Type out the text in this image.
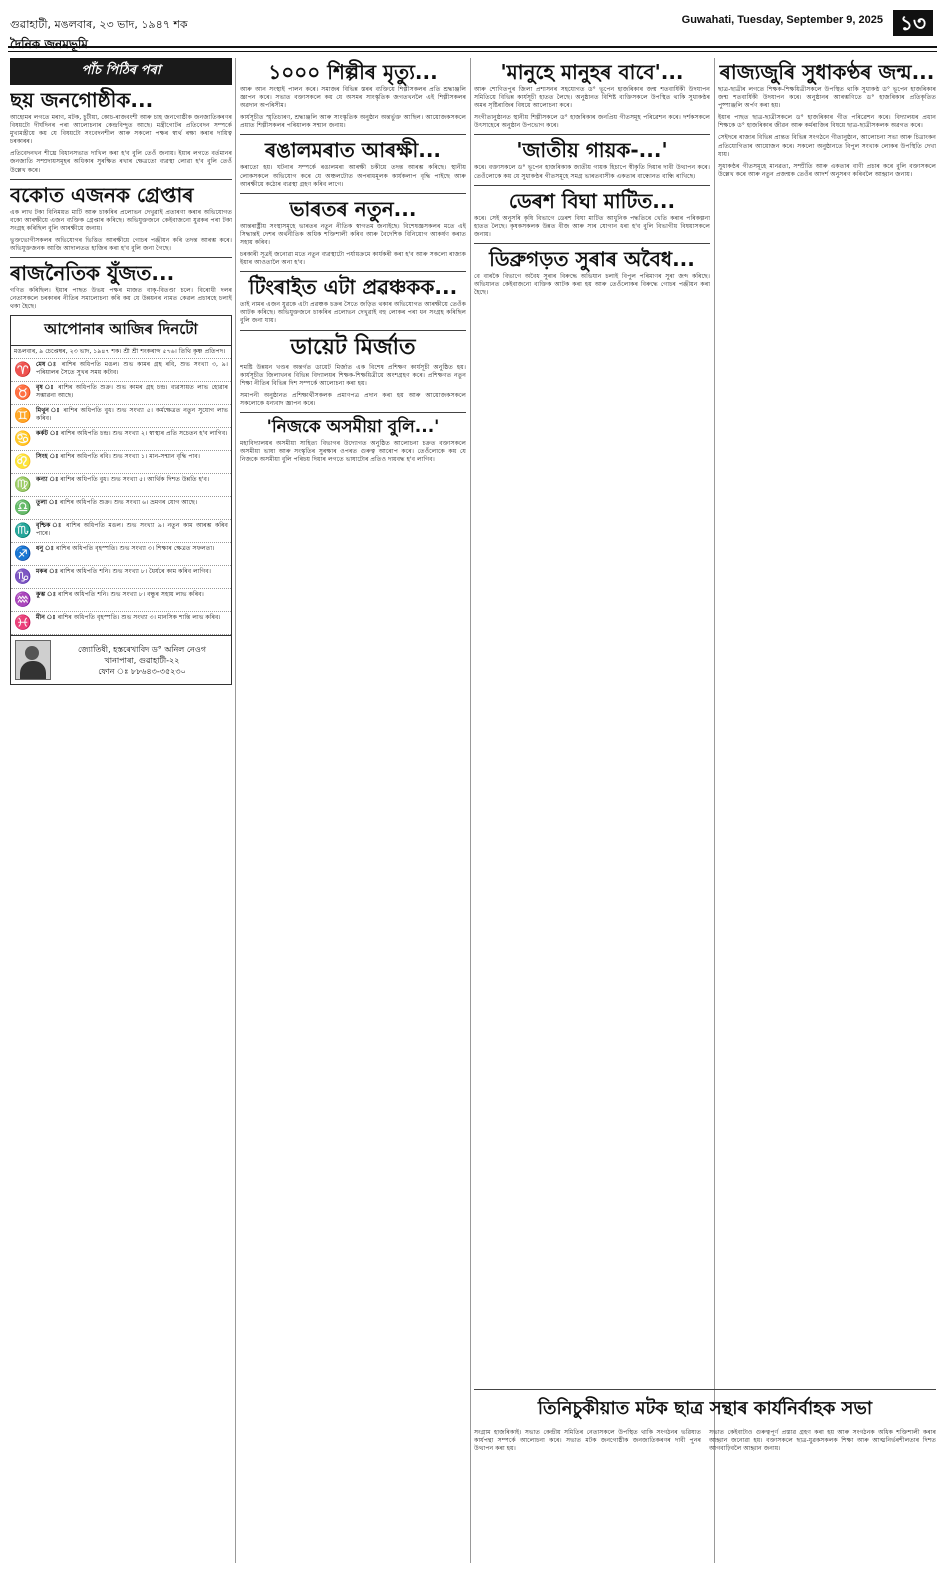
গুৱাহাটী, মঙলবাৰ, ২৩ ভাদ, ১৯৪৭ শক
দৈনিক জনমভূমি
Guwahati, Tuesday, September 9, 2025 ১৩
পাঁচ পিঠিৰ পৰা
ছয় জনগোষ্ঠীক...

আহোমৰ লগতে মৰাণ, মটক, চুটীয়া, কোচ-ৰাজবংশী আৰু চাহ জনগোষ্ঠীক জনজাতিকৰণৰ বিষয়টো দীৰ্ঘদিনৰ পৰা আলোচনাৰ কেন্দ্ৰবিন্দুত আছে। মন্ত্ৰীগোটৰ প্ৰতিবেদন সম্পৰ্কে মুখ্যমন্ত্ৰীয়ে কয় যে বিষয়টো সংবেদনশীল আৰু সকলো পক্ষৰ স্বাৰ্থ ৰক্ষা কৰাৰ দায়িত্ব চৰকাৰৰ।

প্ৰতিবেদনখন শীঘ্ৰে বিধানসভাত দাখিল কৰা হ'ব বুলি তেওঁ জনায়। ইয়াৰ লগতে বৰ্তমানৰ জনজাতি সম্প্ৰদায়সমূহৰ অধিকাৰ সুৰক্ষিত ৰখাৰ ক্ষেত্ৰতো ব্যৱস্থা লোৱা হ'ব বুলি তেওঁ উল্লেখ কৰে।

বকোত এজনক গ্ৰেপ্তাৰ

এক লাখ টকা বিনিময়ত মাটি আৰু চাকৰিৰ প্ৰলোভন দেখুৱাই প্ৰতাৰণা কৰাৰ অভিযোগত বকো আৰক্ষীয়ে এজন ব্যক্তিক গ্ৰেপ্তাৰ কৰিছে। অভিযুক্তজনে কেইবাজনো যুৱকৰ পৰা টকা সংগ্ৰহ কৰিছিল বুলি আৰক্ষীয়ে জনায়।

ভুক্তভোগীসকলৰ অভিযোগৰ ভিত্তিত আৰক্ষীয়ে গোচৰ পঞ্জীয়ন কৰি তদন্ত আৰম্ভ কৰে। অভিযুক্তজনক আজি আদালতত হাজিৰ কৰা হ'ব বুলি জনা গৈছে।

ৰাজনৈতিক যুঁজত...

গণিত কৰিছিল। ইয়াৰ পাছত উভয় পক্ষৰ মাজত বাক্-বিতণ্ডা চলে। বিৰোধী দলৰ নেতাসকলে চৰকাৰৰ নীতিৰ সমালোচনা কৰি কয় যে উন্নয়নৰ নামত কেৱল প্ৰচাৰহে চলাই থকা হৈছে।

আপোনাৰ আজিৰ দিনটো
মঙলবাৰ, ৯ চেপ্তেম্বৰ, ২৩ ভাদ, ১৯৪৭ শক। শ্ৰী শ্ৰী শংকৰাব্দ ৫৭৬। তিথি কৃষ্ণ প্ৰতিপদ।
♈ মেষ ঃ ৰাশিৰ অধিপতি মঙল। শুভ কামৰ গ্ৰহ ৰবি, শুভ সংখ্যা ৩, ৯। পৰিয়ালৰ সৈতে সুখৰ সময় কটাব।
♉ বৃষ ঃ ৰাশিৰ অধিপতি শুক্ৰ। শুভ কামৰ গ্ৰহ চন্দ্ৰ। ব্যৱসায়ত লাভ হোৱাৰ সম্ভাৱনা আছে।
♊ মিথুন ঃ ৰাশিৰ অধিপতি বুধ। শুভ সংখ্যা ৫। কৰ্মক্ষেত্ৰত নতুন সুযোগ লাভ কৰিব।
♋ কৰ্কট ঃ ৰাশিৰ অধিপতি চন্দ্ৰ। শুভ সংখ্যা ২। স্বাস্থ্যৰ প্ৰতি সচেতন হ'ব লাগিব।
♌ সিংহ ঃ ৰাশিৰ অধিপতি ৰবি। শুভ সংখ্যা ১। মান-সন্মান বৃদ্ধি পাব।
♍ কন্যা ঃ ৰাশিৰ অধিপতি বুধ। শুভ সংখ্যা ৫। আৰ্থিক দিশত উন্নতি হ'ব।
♎ তুলা ঃ ৰাশিৰ অধিপতি শুক্ৰ। শুভ সংখ্যা ৬। ভ্ৰমণৰ যোগ আছে।
♏ বৃশ্চিক ঃ ৰাশিৰ অধিপতি মঙল। শুভ সংখ্যা ৯। নতুন কাম আৰম্ভ কৰিব পাৰে।
♐ ধনু ঃ ৰাশিৰ অধিপতি বৃহস্পতি। শুভ সংখ্যা ৩। শিক্ষাৰ ক্ষেত্ৰত সফলতা।
♑ মকৰ ঃ ৰাশিৰ অধিপতি শনি। শুভ সংখ্যা ৮। ধৈৰ্যৰে কাম কৰিব লাগিব।
♒ কুম্ভ ঃ ৰাশিৰ অধিপতি শনি। শুভ সংখ্যা ৮। বন্ধুৰ সহায় লাভ কৰিব।
♓ মীন ঃ ৰাশিৰ অধিপতি বৃহস্পতি। শুভ সংখ্যা ৩। মানসিক শান্তি লাভ কৰিব।
জ্যোতিষী, হস্তৰেখাবিদ ড° অনিল নেওগ
খানাপাৰা, গুৱাহাটী-২২
ফোন ঃ ৮৮৬৪৩-৩৫২৩০
১০০০ শিল্পীৰ মৃত্যু...

আৰু আন সংস্থাই পালন কৰে। সমাজৰ বিভিন্ন স্তৰৰ ব্যক্তিয়ে শিল্পীসকলৰ প্ৰতি শ্ৰদ্ধাঞ্জলি জ্ঞাপন কৰে। সভাত বক্তাসকলে কয় যে অসমৰ সাংস্কৃতিক জগতখনলৈ এই শিল্পীসকলৰ অৱদান অপৰিসীম।

কাৰ্যসূচীত স্মৃতিচাৰণ, শ্ৰদ্ধাঞ্জলি আৰু সাংস্কৃতিক অনুষ্ঠান অন্তৰ্ভুক্ত আছিল। আয়োজকসকলে প্ৰয়াত শিল্পীসকলৰ পৰিয়ালক সন্মান জনায়।

ৰঙালমৰাত আৰক্ষী...

কৰাতো হয়। ঘটনাৰ সম্পৰ্কে ৰঙালমৰা আৰক্ষী চকীয়ে তদন্ত আৰম্ভ কৰিছে। স্থানীয় লোকসকলে অভিযোগ কৰে যে অঞ্চলটোত অপৰাধমূলক কাৰ্যকলাপ বৃদ্ধি পাইছে আৰু আৰক্ষীয়ে কঠোৰ ব্যৱস্থা গ্ৰহণ কৰিব লাগে।

ভাৰতৰ নতুন...

আন্তৰাষ্ট্ৰীয় সংস্থাসমূহে ভাৰতৰ নতুন নীতিক স্বাগতম জনাইছে। বিশেষজ্ঞসকলৰ মতে এই সিদ্ধান্তই দেশৰ অৰ্থনীতিক অধিক শক্তিশালী কৰিব আৰু বৈদেশিক বিনিয়োগ আকৰ্ষণ কৰাত সহায় কৰিব।

চৰকাৰী সূত্ৰই জনোৱা মতে নতুন ব্যৱস্থাটো পৰ্যায়ক্ৰমে কাৰ্যকৰী কৰা হ'ব আৰু সকলো ৰাজ্যক ইয়াৰ আওতালৈ অনা হ'ব।

টিংৰাইত এটা প্ৰৱঞ্চকক...

তাই নামৰ এজন যুৱকে এটা প্ৰৱঞ্চক চক্ৰৰ সৈতে জড়িত থকাৰ অভিযোগত আৰক্ষীয়ে তেওঁক আটক কৰিছে। অভিযুক্তজনে চাকৰিৰ প্ৰলোভন দেখুৱাই বহু লোকৰ পৰা ধন সংগ্ৰহ কৰিছিল বুলি জনা যায়।

ডায়েট মিৰ্জাত

শমষ্টি উন্নয়ন খণ্ডৰ অন্তৰ্গত ডায়েট মিৰ্জাত এক বিশেষ প্ৰশিক্ষণ কাৰ্যসূচী অনুষ্ঠিত হয়। কাৰ্যসূচীত জিলাখনৰ বিভিন্ন বিদ্যালয়ৰ শিক্ষক-শিক্ষয়িত্ৰীয়ে অংশগ্ৰহণ কৰে। প্ৰশিক্ষণত নতুন শিক্ষা নীতিৰ বিভিন্ন দিশ সম্পৰ্কে আলোচনা কৰা হয়।

সমাপনী অনুষ্ঠানত প্ৰশিক্ষাৰ্থীসকলক প্ৰমাণপত্ৰ প্ৰদান কৰা হয় আৰু আয়োজকসকলে সকলোকে ধন্যবাদ জ্ঞাপন কৰে।

'নিজকে অসমীয়া বুলি...'

মহাবিদ্যালয়ৰ অসমীয়া সাহিত্য বিভাগৰ উদ্যোগত অনুষ্ঠিত আলোচনা চক্ৰত বক্তাসকলে অসমীয়া ভাষা আৰু সংস্কৃতিৰ সুৰক্ষাৰ ওপৰত গুৰুত্ব আৰোপ কৰে। তেওঁলোকে কয় যে নিজকে অসমীয়া বুলি পৰিচয় দিয়াৰ লগতে ভাষাটোৰ প্ৰতিও দায়বদ্ধ হ'ব লাগিব।

'মানুহে মানুহৰ বাবে'...

আৰু শোণিতপুৰ জিলা প্ৰশাসনৰ সহযোগত ড° ভূপেন হাজৰিকাৰ জন্ম শতবাৰ্ষিকী উদযাপন সমিতিয়ে বিভিন্ন কাৰ্যসূচী হাতত লৈছে। অনুষ্ঠানত বিশিষ্ট ব্যক্তিসকলে উপস্থিত থাকি সুধাকণ্ঠৰ অমৰ সৃষ্টিৰাজিৰ বিষয়ে আলোচনা কৰে।

সংগীতানুষ্ঠানত স্থানীয় শিল্পীসকলে ড° হাজৰিকাৰ জনপ্ৰিয় গীতসমূহ পৰিৱেশন কৰে। দৰ্শকসকলে উৎসাহেৰে অনুষ্ঠান উপভোগ কৰে।

'জাতীয় গায়ক-...'

কৰে। বক্তাসকলে ড° ভূপেন হাজৰিকাক জাতীয় গায়ক হিচাপে স্বীকৃতি দিয়াৰ দাবী উত্থাপন কৰে। তেওঁলোকে কয় যে সুধাকণ্ঠৰ গীতসমূহে সমগ্ৰ ভাৰতবাসীক একতাৰ বান্ধোনত বান্ধি ৰাখিছে।

ডেৰশ বিঘা মাটিত...

কৰে। সেই অনুসৰি কৃষি বিভাগে ডেৰশ বিঘা মাটিত আধুনিক পদ্ধতিৰে খেতি কৰাৰ পৰিকল্পনা হাতত লৈছে। কৃষকসকলক উন্নত বীজ আৰু সাৰ যোগান ধৰা হ'ব বুলি বিভাগীয় বিষয়াসকলে জনায়।

ডিব্ৰুগড়ত সুৰাৰ অবৈধ...

বে বাৰকৈ বিভাগে অবৈধ সুৰাৰ বিৰুদ্ধে অভিযান চলাই বিপুল পৰিমাণৰ সুৰা জব্দ কৰিছে। অভিযানত কেইবাজনো ব্যক্তিক আটক কৰা হয় আৰু তেওঁলোকৰ বিৰুদ্ধে গোচৰ পঞ্জীয়ন কৰা হৈছে।

ৰাজ্যজুৰি সুধাকণ্ঠৰ জন্ম...

ছাত্ৰ-ছাত্ৰীৰ লগতে শিক্ষক-শিক্ষয়িত্ৰীসকলে উপস্থিত থাকি সুধাকণ্ঠ ড° ভূপেন হাজৰিকাৰ জন্ম শতবাৰ্ষিকী উদযাপন কৰে। অনুষ্ঠানৰ আৰম্ভণিতে ড° হাজৰিকাৰ প্ৰতিকৃতিত পুষ্পাঞ্জলি অৰ্পণ কৰা হয়।

ইয়াৰ পাছত ছাত্ৰ-ছাত্ৰীসকলে ড° হাজৰিকাৰ গীত পৰিৱেশন কৰে। বিদ্যালয়ৰ প্ৰধান শিক্ষকে ড° হাজৰিকাৰ জীৱন আৰু কৰ্মৰাজিৰ বিষয়ে ছাত্ৰ-ছাত্ৰীসকলক অৱগত কৰে।

সেইদৰে ৰাজ্যৰ বিভিন্ন প্ৰান্তত বিভিন্ন সংগঠনে গীতানুষ্ঠান, আলোচনা সভা আৰু চিত্ৰাংকন প্ৰতিযোগিতাৰ আয়োজন কৰে। সকলো অনুষ্ঠানতে বিপুল সংখ্যক লোকৰ উপস্থিতি দেখা যায়।

সুধাকণ্ঠৰ গীতসমূহে মানৱতা, সম্প্ৰীতি আৰু একতাৰ বাণী প্ৰচাৰ কৰে বুলি বক্তাসকলে উল্লেখ কৰে আৰু নতুন প্ৰজন্মক তেওঁৰ আদৰ্শ অনুসৰণ কৰিবলৈ আহ্বান জনায়।

তিনিচুকীয়াত মটক ছাত্ৰ সন্থাৰ কাৰ্যনিৰ্বাহক সভা

সংগ্ৰাম হাজৰিকাই। সভাত কেন্দ্ৰীয় সমিতিৰ নেতাসকলে উপস্থিত থাকি সংগঠনৰ ভৱিষ্যত কাৰ্যপন্থা সম্পৰ্কে আলোচনা কৰে। সভাত মটক জনগোষ্ঠীক জনজাতিকৰণৰ দাবী পুনৰ উত্থাপন কৰা হয়।

সভাত কেইবাটাও গুৰুত্বপূৰ্ণ প্ৰস্তাৱ গ্ৰহণ কৰা হয় আৰু সংগঠনক অধিক শক্তিশালী কৰাৰ আহ্বান জনোৱা হয়। বক্তাসকলে ছাত্ৰ-যুৱকসকলক শিক্ষা আৰু আত্মনিৰ্ভৰশীলতাৰ দিশত আগবাঢ়িবলৈ আহ্বান জনায়।
